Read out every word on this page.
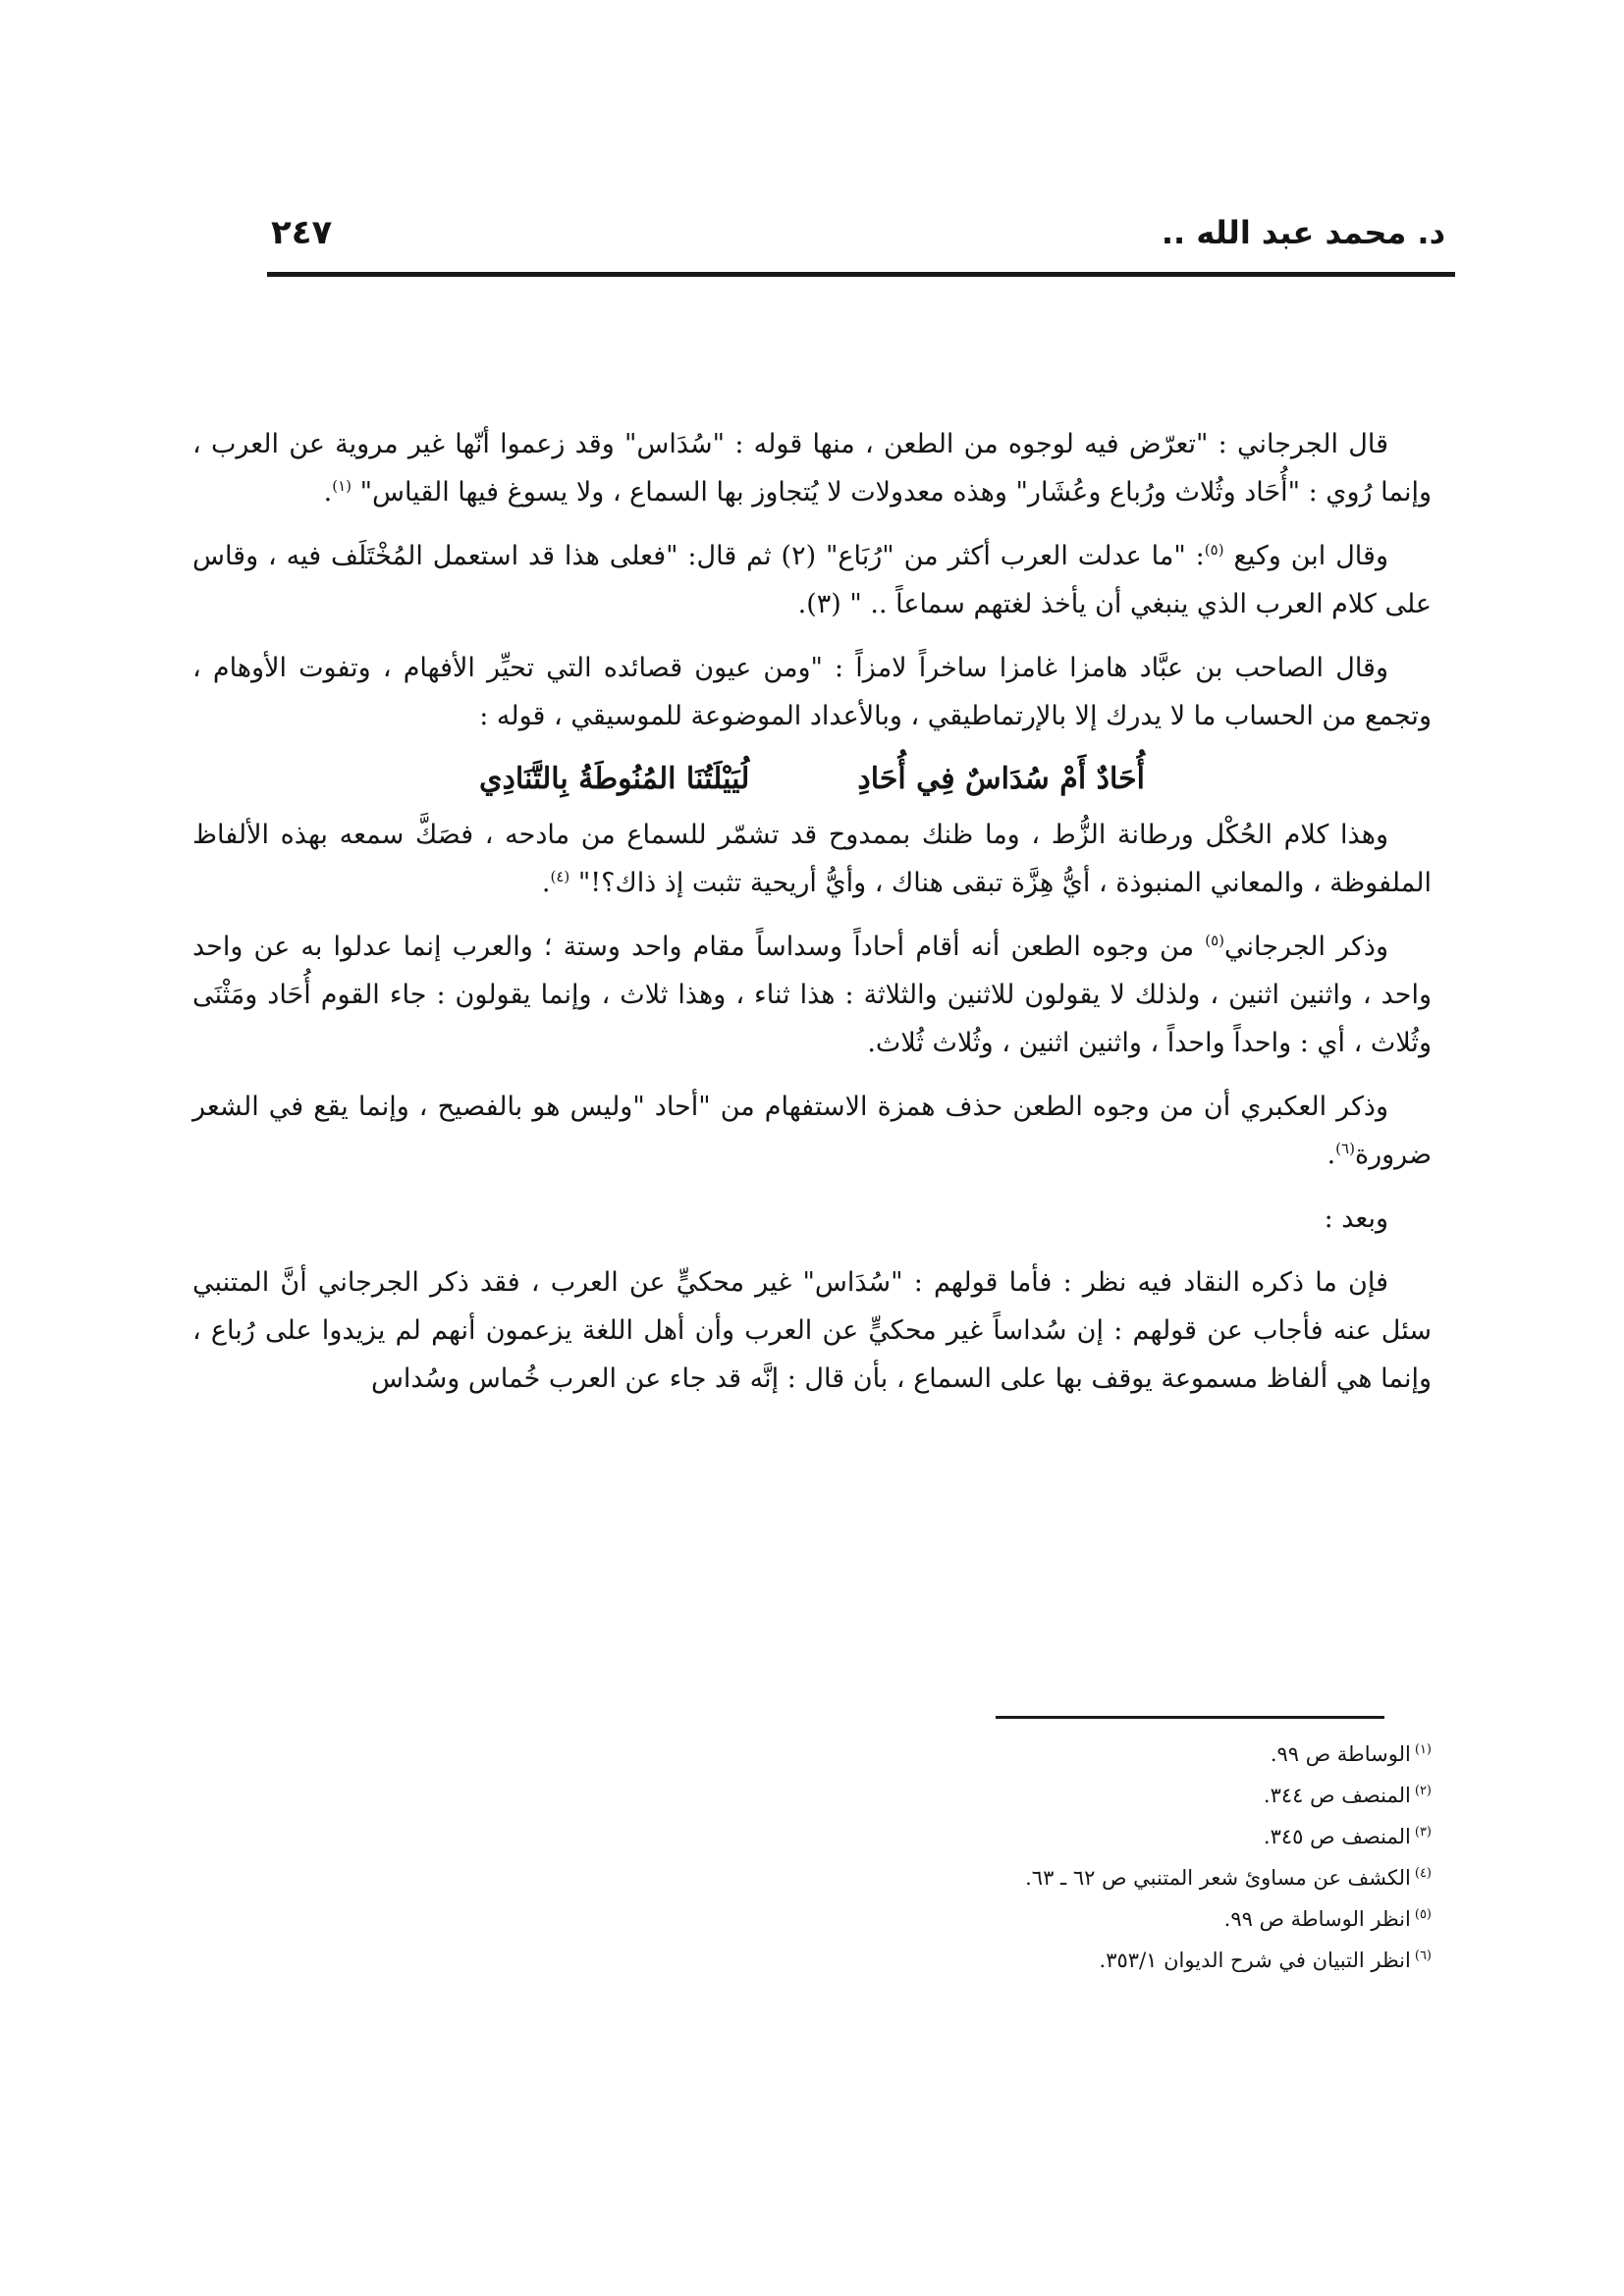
د. محمد عبد الله ..
٢٤٧

قال الجرجاني : "تعرّض فيه لوجوه من الطعن ، منها قوله : "سُدَاس" وقد زعموا أنّها غير مروية عن العرب ، وإنما رُوي : "أُحَاد وثُلاث ورُباع وعُشَار" وهذه معدولات لا يُتجاوز بها السماع ، ولا يسوغ فيها القياس" $^{(١)}$.

وقال ابن وكيع $^{(٥)}$: "ما عدلت العرب أكثر من "رُبَاع" (٢) ثم قال: "فعلى هذا قد استعمل المُخْتَلَف فيه ، وقاس على كلام العرب الذي ينبغي أن يأخذ لغتهم سماعاً .. " (٣).

وقال الصاحب بن عبَّاد هامزا غامزا ساخراً لامزاً : "ومن عيون قصائده التي تحيِّر الأفهام ، وتفوت الأوهام ، وتجمع من الحساب ما لا يدرك إلا بالإرتماطيقي ، وبالأعداد الموضوعة للموسيقي ، قوله :

أُحَادٌ أَمْ سُدَاسٌ فِي أُحَادِلُيَيْلَتُنَا المُنُوطَةُ بِالتَّنَادِي

وهذا كلام الحُكْل ورطانة الزُّط ، وما ظنك بممدوح قد تشمّر للسماع من مادحه ، فصَكَّ سمعه بهذه الألفاظ الملفوظة ، والمعاني المنبوذة ، أيُّ هِزَّة تبقى هناك ، وأيُّ أريحية تثبت إذ ذاك؟!" $^{(٤)}$.

وذكر الجرجاني$^{(٥)}$ من وجوه الطعن أنه أقام أحاداً وسداساً مقام واحد وستة ؛ والعرب إنما عدلوا به عن واحد واحد ، واثنين اثنين ، ولذلك لا يقولون للاثنين والثلاثة : هذا ثناء ، وهذا ثلاث ، وإنما يقولون : جاء القوم أُحَاد ومَثْنَى وثُلاث ، أي : واحداً واحداً ، واثنين اثنين ، وثُلاث ثُلاث.

وذكر العكبري أن من وجوه الطعن حذف همزة الاستفهام من "أحاد "وليس هو بالفصيح ، وإنما يقع في الشعر ضرورة$^{(٦)}$.

وبعد :

فإن ما ذكره النقاد فيه نظر : فأما قولهم : "سُدَاس" غير محكيٍّ عن العرب ، فقد ذكر الجرجاني أنَّ المتنبي سئل عنه فأجاب عن قولهم : إن سُداساً غير محكيٍّ عن العرب وأن أهل اللغة يزعمون أنهم لم يزيدوا على رُباع ، وإنما هي ألفاظ مسموعة يوقف بها على السماع ، بأن قال : إنَّه قد جاء عن العرب خُماس وسُداس

$^{(١)}$الوساطة ص ٩٩.
$^{(٢)}$المنصف ص ٣٤٤.
$^{(٣)}$المنصف ص ٣٤٥.
$^{(٤)}$الكشف عن مساوئ شعر المتنبي ص ٦٢ ـ ٦٣.
$^{(٥)}$انظر الوساطة ص ٩٩.
$^{(٦)}$انظر التبيان في شرح الديوان ٣٥٣/١.
